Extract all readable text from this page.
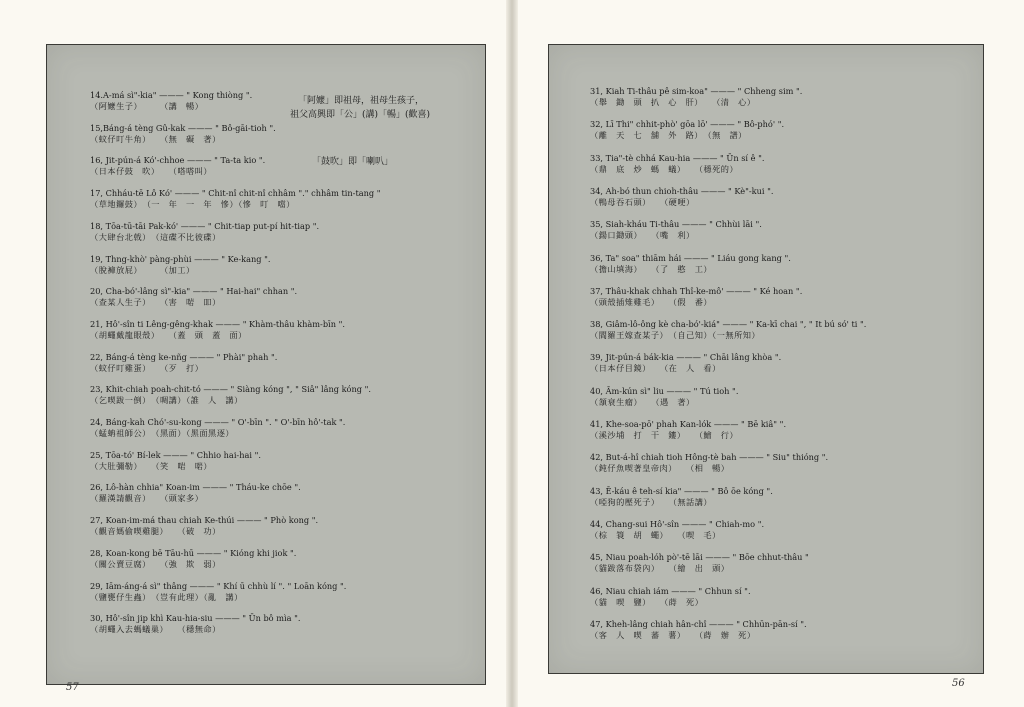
14.A-má sì"-kia" ——— " Kong thiòng ".
（阿嬤生子）　　　（講　暢）
15,Báng-á tèng Gû-kak ——— " Bô-gāi-tioh ".
（蚊仔叮牛角）　　（無　礙　著）
16, Jit-pún-á Kó'-chhoe ——— " Ta-ta kio ".
（日本仔鼓　吹）　　（嗒嗒叫）
17, Chháu-tē Lô Kó' ——— " Chit-nî chit-nî chhâm "." chhâm tin-tang "
（草地鑼鼓）　（一　年　一　年　慘）（慘　叮　噹）
18, Tōa-tū-tāi Pak-kó' ——— " Chit-tiap put-pí hit-tiap ".
（大肆台北戟）　（這碟不比彼碟）
19, Thng-khò' pàng-phùi ——— " Ke-kang ".
（脫褲放屁）　　　（加工）
20, Cha-bó'-lâng sì"-kia" ——— " Hai-hai" chhan ".
（查某人生子）　　（害　啱　吅）
21, Hô'-sîn ti Lêng-gêng-khak ——— " Khàm-thâu khàm-bīn ".
（胡蠅戴龍眼殼）　　（蓋　頭　蓋　面）
22, Báng-á tèng ke-nñg ——— " Phài" phah ".
（蚊仔叮雞蛋）　　（歹　打）
23, Khit-chiah poah-chit-tó ——— " Siàng kóng ", " Siâ" lâng kóng ".
（乞喫跋一倒）　（啁講）（誰　人　講）
24, Báng-kah Chó'-su-kong ——— " O'-bīn ". " O'-bīn hô'-tak ".
（蜢蚺祖師公）　（黑面）（黑面黑逐）
25, Tōa-tó' Bí-lek ——— " Chhio hai-hai ".
（大肚彌勒）　　（笑　啱　啱）
26, Lô-hàn chhia" Koan-im ——— " Tháu-ke chōe ".
（羅漢請觀音）　　（頭家多）
27, Koan-im-má thau chiah Ke-thúi ——— " Phò kong ".
（觀音媽偷喫雞腿）　　（破　功）
28, Koan-kong bē Tāu-hū ——— " Kióng khi jiok ".
（關公賣豆腐）　　（強　欺　弱）
29, Iām-áng-á sì" thâng ——— " Khí ū chhù lí ". " Loān kóng ".
（鹽甕仔生蟲）　（豈有此理）（亂　講）
30, Hô'-sîn jip khì Kau-hia-siu ——— " Ūn bô mìa ".
（胡蠅入去螞蟻巢）　　（穩無命）
31, Kiah Ti-thâu pê sim-koa" ——— " Chheng sim ".
（舉　鋤　頭　扒　心　肝）　　（清　心）
32, Lī Thi" chhit-phò' gōa lō' ——— " Bô-phó' ".
（離　天　七　舖　外　路）　（無　譜）
33, Tia"-tè chhá Kau-hia ——— " Ūn sí ê ".
（鼎　底　炒　螞　蟻）　　（穩死的）
34, Ah-bó thun chioh-thâu ——— " Kè"-kui ".
（鴨母吞石頭）　　（硬哽）
35, Siah-kháu Ti-thâu ——— " Chhùi lāi ".
（鍚口鋤頭）　　（嘴　利）
36, Ta" soa" thiām hái ——— " Liáu gong kang ".
（擔山填海）　　（了　憨　工）
37, Thâu-khak chhah Thî-ke-mô' ——— " Ké hoan ".
（頭殼插雉雞毛）　　（假　番）
38, Giâm-lô-ông kè cha-bó'-kiá" ——— " Ka-kī chai ", " It bú só' ti ".
（閻羅王嫁查某子）　（自己知）（一無所知）
39, Jit-pún-á bák-kia ——— " Chāi lâng khòa ".
（日本仔目鏡）　　（在　人　看）
40, Ām-kún sì" liu ——— " Tú tioh ".
（頷衰生瘤）　　（遇　著）
41, Khe-soa-pō' phah Kan-lók ——— " Bē kiâ" ".
（溪沙埔　打　干　鏤）　　（鱠　行）
42, But-á-hî chiah tioh Hông-tè bah ——— " Siu" thióng ".
（鈍仔魚喫著皇帝肉）　　（相　暢）
43, Ē-káu ê teh-sí kia" ——— " Bô ōe kóng ".
（啞狗的壓死子）　　（無話講）
44, Chang-sui Hô'-sîn ——— " Chiah-mo ".
（棕　簑　胡　蠅）　　（喫　毛）
45, Niau poah-lóh pò'-tē lāi ——— " Bōe chhut-thâu "
（貓跋落布袋內）　　（繪　出　頭）
46, Niau chiah iám ——— " Chhun sí ".
（貓　喫　鹽）　　（蒔　死）
47, Kheh-lâng chiah hân-chî ——— " Chhūn-pān-sí ".
（客　人　喫　蕃　薯）　　（蒔　辦　死）
「阿嬤」即祖母，祖母生孩子，
祖父高興即「公」(講)「暢」(歡喜)
「鼓吹」即「喇叭」
57	56
